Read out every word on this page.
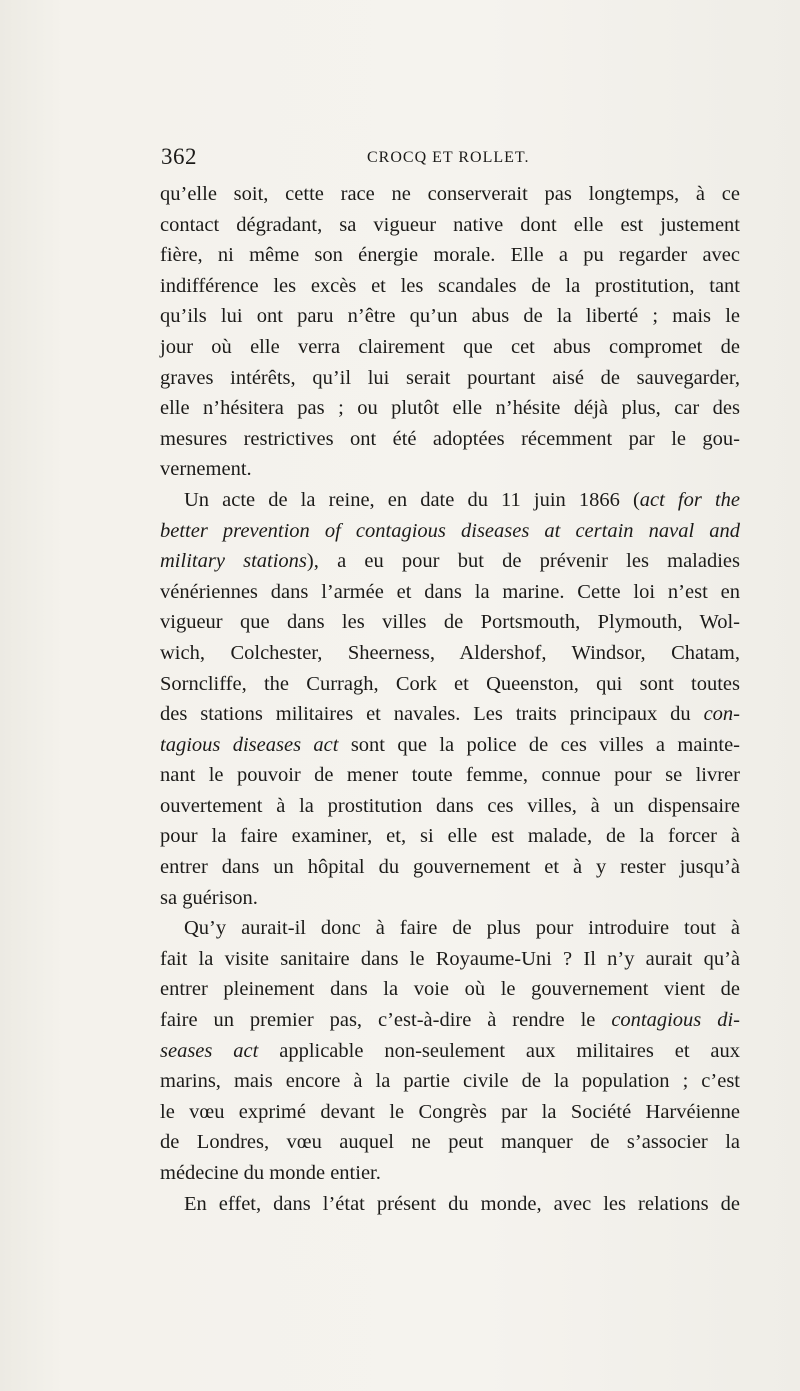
362	CROCQ ET ROLLET.
qu’elle soit, cette race ne conserverait pas longtemps, à ce
contact dégradant, sa vigueur native dont elle est justement
fière, ni même son énergie morale. Elle a pu regarder avec
indifférence les excès et les scandales de la prostitution, tant
qu’ils lui ont paru n’être qu’un abus de la liberté ; mais le
jour où elle verra clairement que cet abus compromet de
graves intérêts, qu’il lui serait pourtant aisé de sauvegarder,
elle n’hésitera pas ; ou plutôt elle n’hésite déjà plus, car des
mesures restrictives ont été adoptées récemment par le gou-
vernement.
Un acte de la reine, en date du 11 juin 1866 (act for the
better prevention of contagious diseases at certain naval and
military stations), a eu pour but de prévenir les maladies
vénériennes dans l’armée et dans la marine. Cette loi n’est en
vigueur que dans les villes de Portsmouth, Plymouth, Wol-
wich, Colchester, Sheerness, Aldershof, Windsor, Chatam,
Sorncliffe, the Curragh, Cork et Queenston, qui sont toutes
des stations militaires et navales. Les traits principaux du con-
tagious diseases act sont que la police de ces villes a mainte-
nant le pouvoir de mener toute femme, connue pour se livrer
ouvertement à la prostitution dans ces villes, à un dispensaire
pour la faire examiner, et, si elle est malade, de la forcer à
entrer dans un hôpital du gouvernement et à y rester jusqu’à
sa guérison.
Qu’y aurait-il donc à faire de plus pour introduire tout à
fait la visite sanitaire dans le Royaume-Uni ? Il n’y aurait qu’à
entrer pleinement dans la voie où le gouvernement vient de
faire un premier pas, c’est-à-dire à rendre le contagious di-
seases act applicable non-seulement aux militaires et aux
marins, mais encore à la partie civile de la population ; c’est
le vœu exprimé devant le Congrès par la Société Harvéienne
de Londres, vœu auquel ne peut manquer de s’associer la
médecine du monde entier.
En effet, dans l’état présent du monde, avec les relations de
